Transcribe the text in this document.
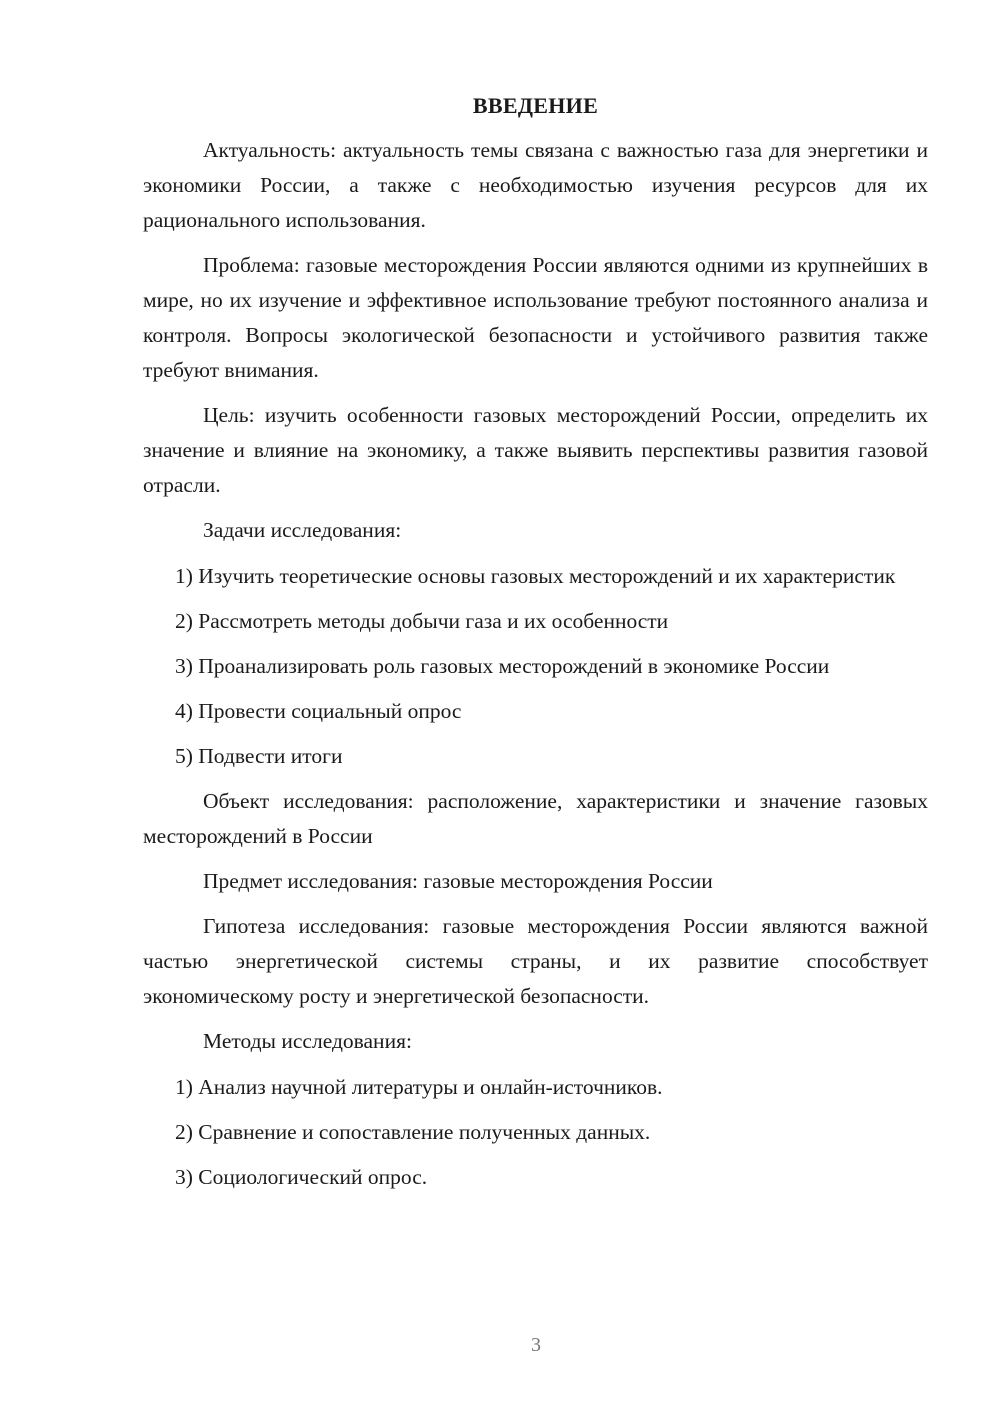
ВВЕДЕНИЕ

Актуальность: актуальность темы связана с важностью газа для энергетики и экономики России, а также с необходимостью изучения ресурсов для их рационального использования.

Проблема: газовые месторождения России являются одними из крупнейших в мире, но их изучение и эффективное использование требуют постоянного анализа и контроля. Вопросы экологической безопасности и устойчивого развития также требуют внимания.

Цель: изучить особенности газовых месторождений России, определить их значение и влияние на экономику, а также выявить перспективы развития газовой отрасли.

Задачи исследования:

1) Изучить теоретические основы газовых месторождений и их характеристик

2) Рассмотреть методы добычи газа и их особенности

3) Проанализировать роль газовых месторождений в экономике России

4) Провести социальный опрос

5) Подвести итоги

Объект исследования: расположение, характеристики и значение газовых месторождений в России

Предмет исследования: газовые месторождения России

Гипотеза исследования: газовые месторождения России являются важной частью энергетической системы страны, и их развитие способствует экономическому росту и энергетической безопасности.

Методы исследования:

1) Анализ научной литературы и онлайн-источников.

2) Сравнение и сопоставление полученных данных.

3) Социологический опрос.

3
